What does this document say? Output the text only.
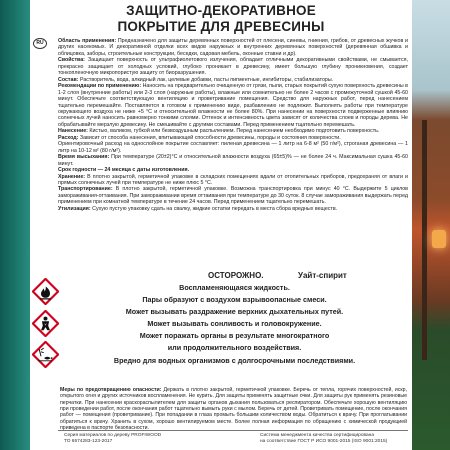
ЗАЩИТНО-ДЕКОРАТИВНОЕ
ПОКРЫТИЕ ДЛЯ ДРЕВЕСИНЫ
RU	Область применения: Предназначено для защиты деревянных поверхностей от плесени, синевы, гниения, грибов, от древесных жучков и других насекомых. И декоративной отделки всех видов наружных и внутренних деревянных поверхностей (деревянная обшивка и облицовка, заборы, строительные конструкции, беседки, садовая мебель, оконные ставни и др).

Свойства: Защищает поверхность от ультрафиолетового излучения, обладает отличными декоративными свойствами, не смывается, прекрасно защищает от холодных условий, глубоко проникает в древесину, имеет большую глубину проникновения, создает тонкопленочную микропористую защиту от биоразрушения.

Состав: Растворитель, вода, алкидный лак, целевые добавки, пасты пигментные, ингибиторы, стабилизаторы.

Рекомендации по применению: Наносить на предварительно очищенную от грязи, пыли, старых покрытий сухую поверхность древесины в 1-2 слоя (внутренние работы) или 2-3 слоя (наружные работы), влажные или сомнительно не более 2 часов с промежуточной сушкой 45-60 минут. Обеспечьте соответствующую вентиляцию и проветривание помещения. Средство для наружных работ, перед нанесением тщательно перемешайте. Поставляется в готовом к применению виде, разбавлению не подлежит. Выполнять работы при температуре окружающего воздуха не ниже +5 °С и относительной влажности не более 80%. При нанесении на поверхности подверженные влиянию солнечных лучей наносить равномерно тонкими слоями. Оттенок и интенсивность цвета зависят от количества слоев и породы дерева. Не обрабатывайте мерзлую древесину. Не смешивайте с другими составами. Перед применением тщательно перемешать.

Нанесение: Кистью, валиком, губкой или безвоздушным распылением. Перед нанесением необходимо подготовить поверхность.

Расход: Зависит от способа нанесения, впитывающей способности древесины, породы и состояния поверхности.

Ориентировочный расход на однослойное покрытие составляет: пиленая древесина — 1 литр на 6-8 м² (50 г/м²), строганая древесина — 1 литр на 10-12 м² (80 г/м²).

Время высыхания: При температуре (20±2)°С и относительной влажности воздуха (65±5)% — не более 24 ч. Максимальная сушка 45-60 минут.

Срок годности — 24 месяца с даты изготовления.

Хранение: В плотно закрытой, герметичной упаковке в складских помещениях вдали от отопительных приборов, предохраняя от влаги и прямых солнечных лучей при температуре не ниже плюс 5 °С.

Транспортирование: В плотно закрытой, герметичной упаковке. Возможна транспортировка при минус 40 °С. Выдержите 5 циклов замораживания-оттаивания. При замораживании время оттаивания при температуре до 30 суток. 8 случае замораживания выдержать перед применением при комнатной температуре в течение 24 часов. Перед применением тщательно перемешать.

Утилизация: Сухую пустую упаковку сдать на свалку, жидкие остатки передать в места сбора вредных веществ.

ОСТОРОЖНО.	Уайт-спирит
Воспламеняющаяся жидкость.
Пары образуют с воздухом взрывоопасные смеси.
Может вызывать раздражение верхних дыхательных путей.
Может вызывать сонливость и головокружение.
Может поражать органы в результате многократного
или продолжительного воздействия.
Вредно для водных организмов с долгосрочными последствиями.
Меры по предотвращению опасности: Держать в плотно закрытой, герметичной упаковке. Беречь от тепла, горячих поверхностей, искр, открытого огня и других источников воспламенения. Не курить. Для защиты применять защитные очки. Для защиты рук применять резиновые перчатки. При нанесении краскораспылителем для защиты органов дыхания пользоваться респиратором. Обеспечьте хорошую вентиляцию при проведении работ, после окончания работ тщательно вымыть руки с мылом. Беречь от детей. Проветривать помещение, после окончания работ — помещения (проветривание). При попадании в глаза промыть большим количеством воды. Обратиться к врачу. При проглатывании обратиться к врачу. Хранить в сухом, хорошо вентилируемом месте. Более полная информация по обращению с химической продукцией приведена в паспорте безопасности.
Серия материалов по дереву PROFIWOOD
ТО 6574283-123-2017
Система менеджмента качества сертифицирована
на соответствие ГОСТ Р ИСО 9001-2015 (ISO 9001:2015)
